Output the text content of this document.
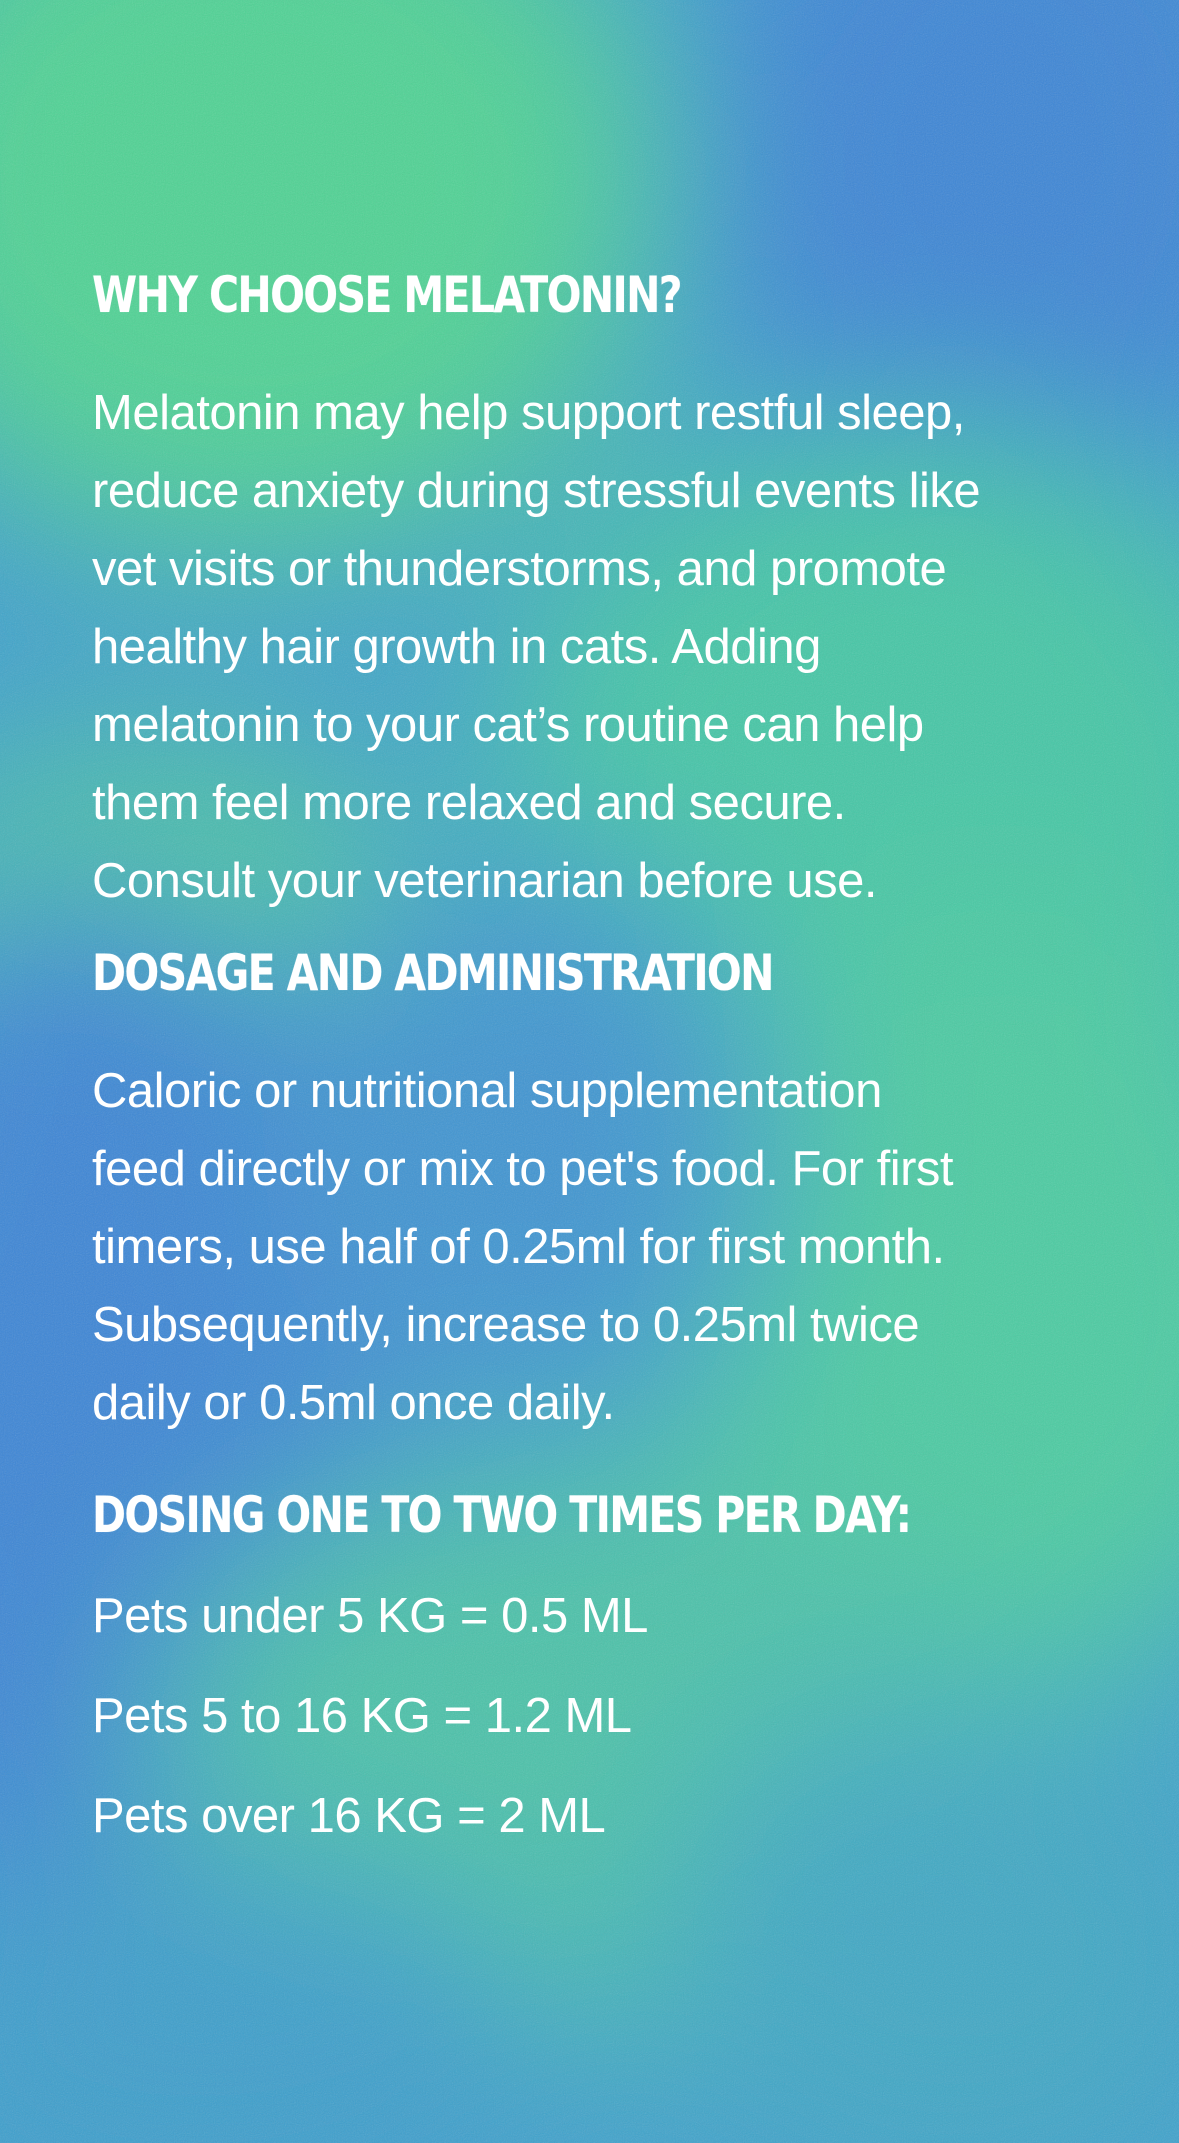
WHY CHOOSE MELATONIN?

Melatonin may help support restful sleep,

reduce anxiety during stressful events like

vet visits or thunderstorms, and promote

healthy hair growth in cats. Adding

melatonin to your cat’s routine can help

them feel more relaxed and secure.

Consult your veterinarian before use.

DOSAGE AND ADMINISTRATION

Caloric or nutritional supplementation

feed directly or mix to pet's food. For first

timers, use half of 0.25ml for first month.

Subsequently, increase to 0.25ml twice

daily or 0.5ml once daily.

DOSING ONE TO TWO TIMES PER DAY:
Pets under 5 KG = 0.5 ML
Pets 5 to 16 KG = 1.2 ML
Pets over 16 KG = 2 ML
